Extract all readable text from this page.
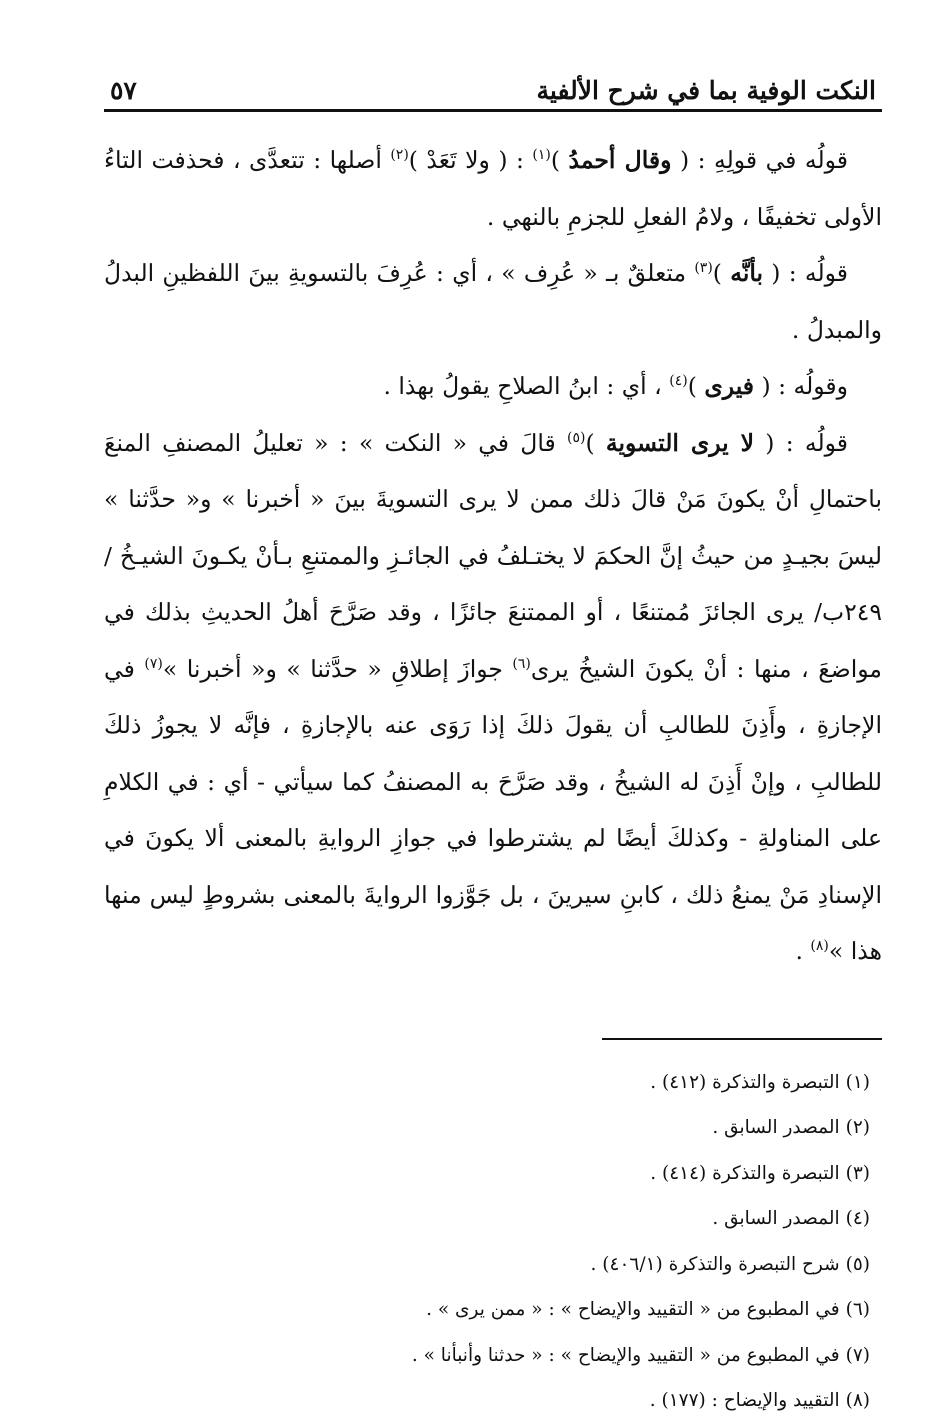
النكت الوفية بما في شرح الألفية
٥٧

قولُه في قولِهِ : ( وقال أحمدُ )$^{(١)}$ : ( ولا تَعَدْ )$^{(٢)}$ أصلها : تتعدَّى ، فحذفت التاءُ الأولى تخفيفًا ، ولامُ الفعلِ للجزمِ بالنهي .

قولُه : ( بأنَّه )$^{(٣)}$ متعلقٌ بـ « عُرِف » ، أي : عُرِفَ بالتسويةِ بينَ اللفظينِ البدلُ والمبدلُ .

وقولُه : ( فيرى )$^{(٤)}$ ، أي : ابنُ الصلاحِ يقولُ بهذا .

قولُه : ( لا يرى التسوية )$^{(٥)}$ قالَ في « النكت » : « تعليلُ المصنفِ المنعَ باحتمالِ أنْ يكونَ مَنْ قالَ ذلك ممن لا يرى التسويةَ بينَ « أخبرنا » و« حدَّثنا » ليسَ بجيـدٍ من حيثُ إنَّ الحكمَ لا يختـلفُ في الجائـزِ والممتنعِ بـأنْ يكـونَ الشيـخُ /٢٤٩ب/ يرى الجائزَ مُمتنعًا ، أو الممتنعَ جائزًا ، وقد صَرَّحَ أهلُ الحديثِ بذلك في مواضعَ ، منها : أنْ يكونَ الشيخُ يرى$^{(٦)}$ جوازَ إطلاقِ « حدَّثنا » و« أخبرنا »$^{(٧)}$ في الإجازةِ ، وأَذِنَ للطالبِ أن يقولَ ذلكَ إذا رَوَى عنه بالإجازةِ ، فإنَّه لا يجوزُ ذلكَ للطالبِ ، وإنْ أَذِنَ له الشيخُ ، وقد صَرَّحَ به المصنفُ كما سيأتي - أي : في الكلامِ على المناولةِ - وكذلكَ أيضًا لم يشترطوا في جوازِ الروايةِ بالمعنى ألا يكونَ في الإسنادِ مَنْ يمنعُ ذلك ، كابنِ سيرينَ ، بل جَوَّزوا الروايةَ بالمعنى بشروطٍ ليس منها هذا »$^{(٨)}$ .

(١)التبصرة والتذكرة (٤١٢) .
(٢)المصدر السابق .
(٣)التبصرة والتذكرة (٤١٤) .
(٤)المصدر السابق .
(٥)شرح التبصرة والتذكرة (٤٠٦/١) .
(٦)في المطبوع من « التقييد والإيضاح » : « ممن يرى » .
(٧)في المطبوع من « التقييد والإيضاح » : « حدثنا وأنبأنا » .
(٨)التقييد والإيضاح : (١٧٧) .
